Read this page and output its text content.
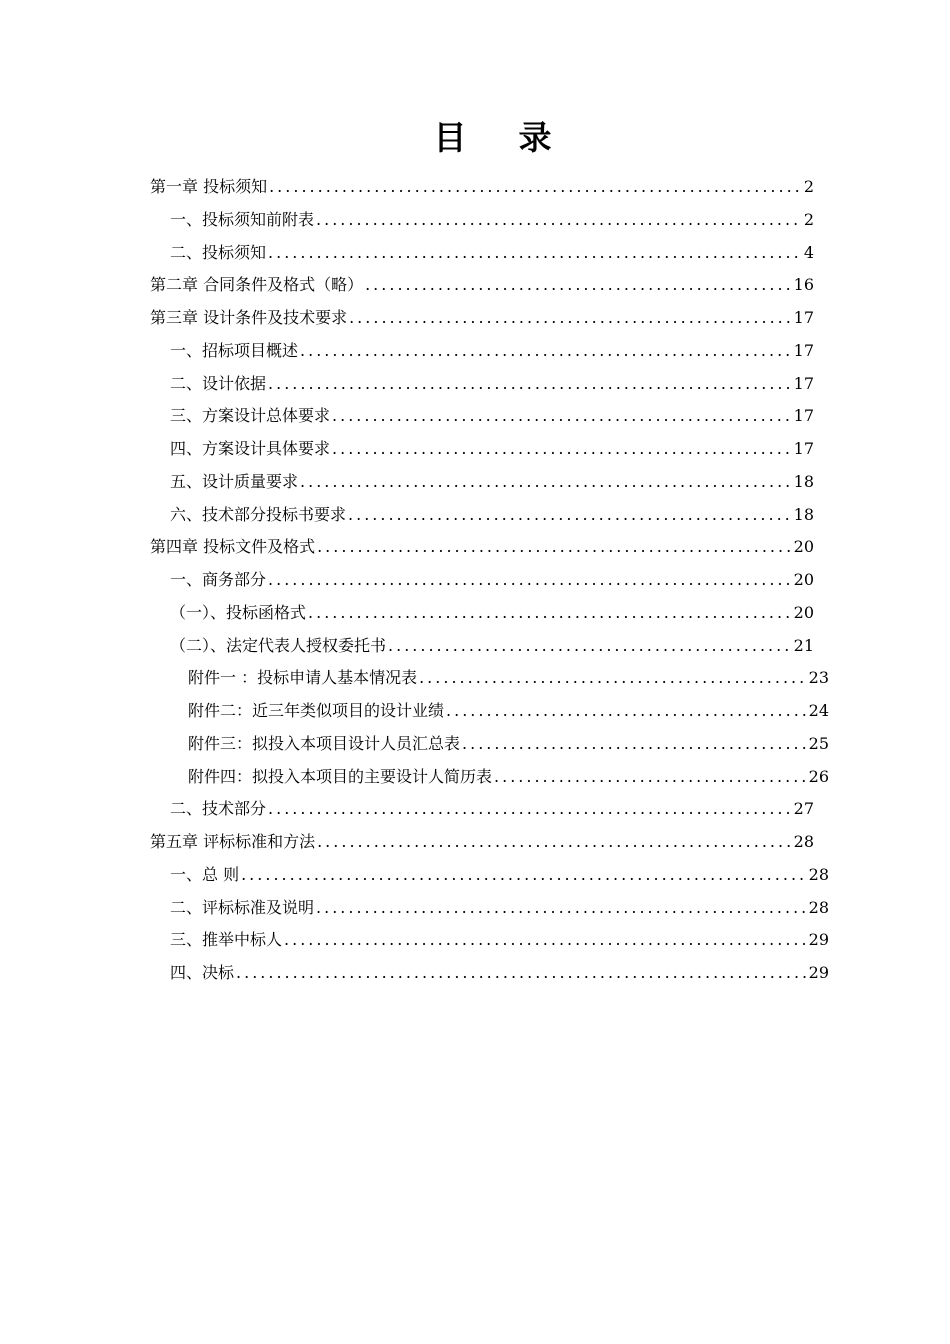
目 录
第一章 投标须知 .....	2
一、投标须知前附表 .....	2
二、投标须知 .....	4
第二章 合同条件及格式（略） .....	16
第三章 设计条件及技术要求 .....	17
一、招标项目概述 .....	17
二、设计依据 .....	17
三、方案设计总体要求 .....	17
四、方案设计具体要求 .....	17
五、设计质量要求 .....	18
六、技术部分投标书要求 .....	18
第四章 投标文件及格式 .....	20
一、商务部分 .....	20
（一）、投标函格式 .....	20
（二）、法定代表人授权委托书 .....	21
附件一 ：投标申请人基本情况表 .....	23
附件二：近三年类似项目的设计业绩 .....	24
附件三：拟投入本项目设计人员汇总表 .....	25
附件四：拟投入本项目的主要设计人简历表 .....	26
二、技术部分 .....	27
第五章 评标标准和方法 .....	28
一、总 则 .....	28
二、评标标准及说明 .....	28
三、推举中标人 .....	29
四、决标 .....	29
